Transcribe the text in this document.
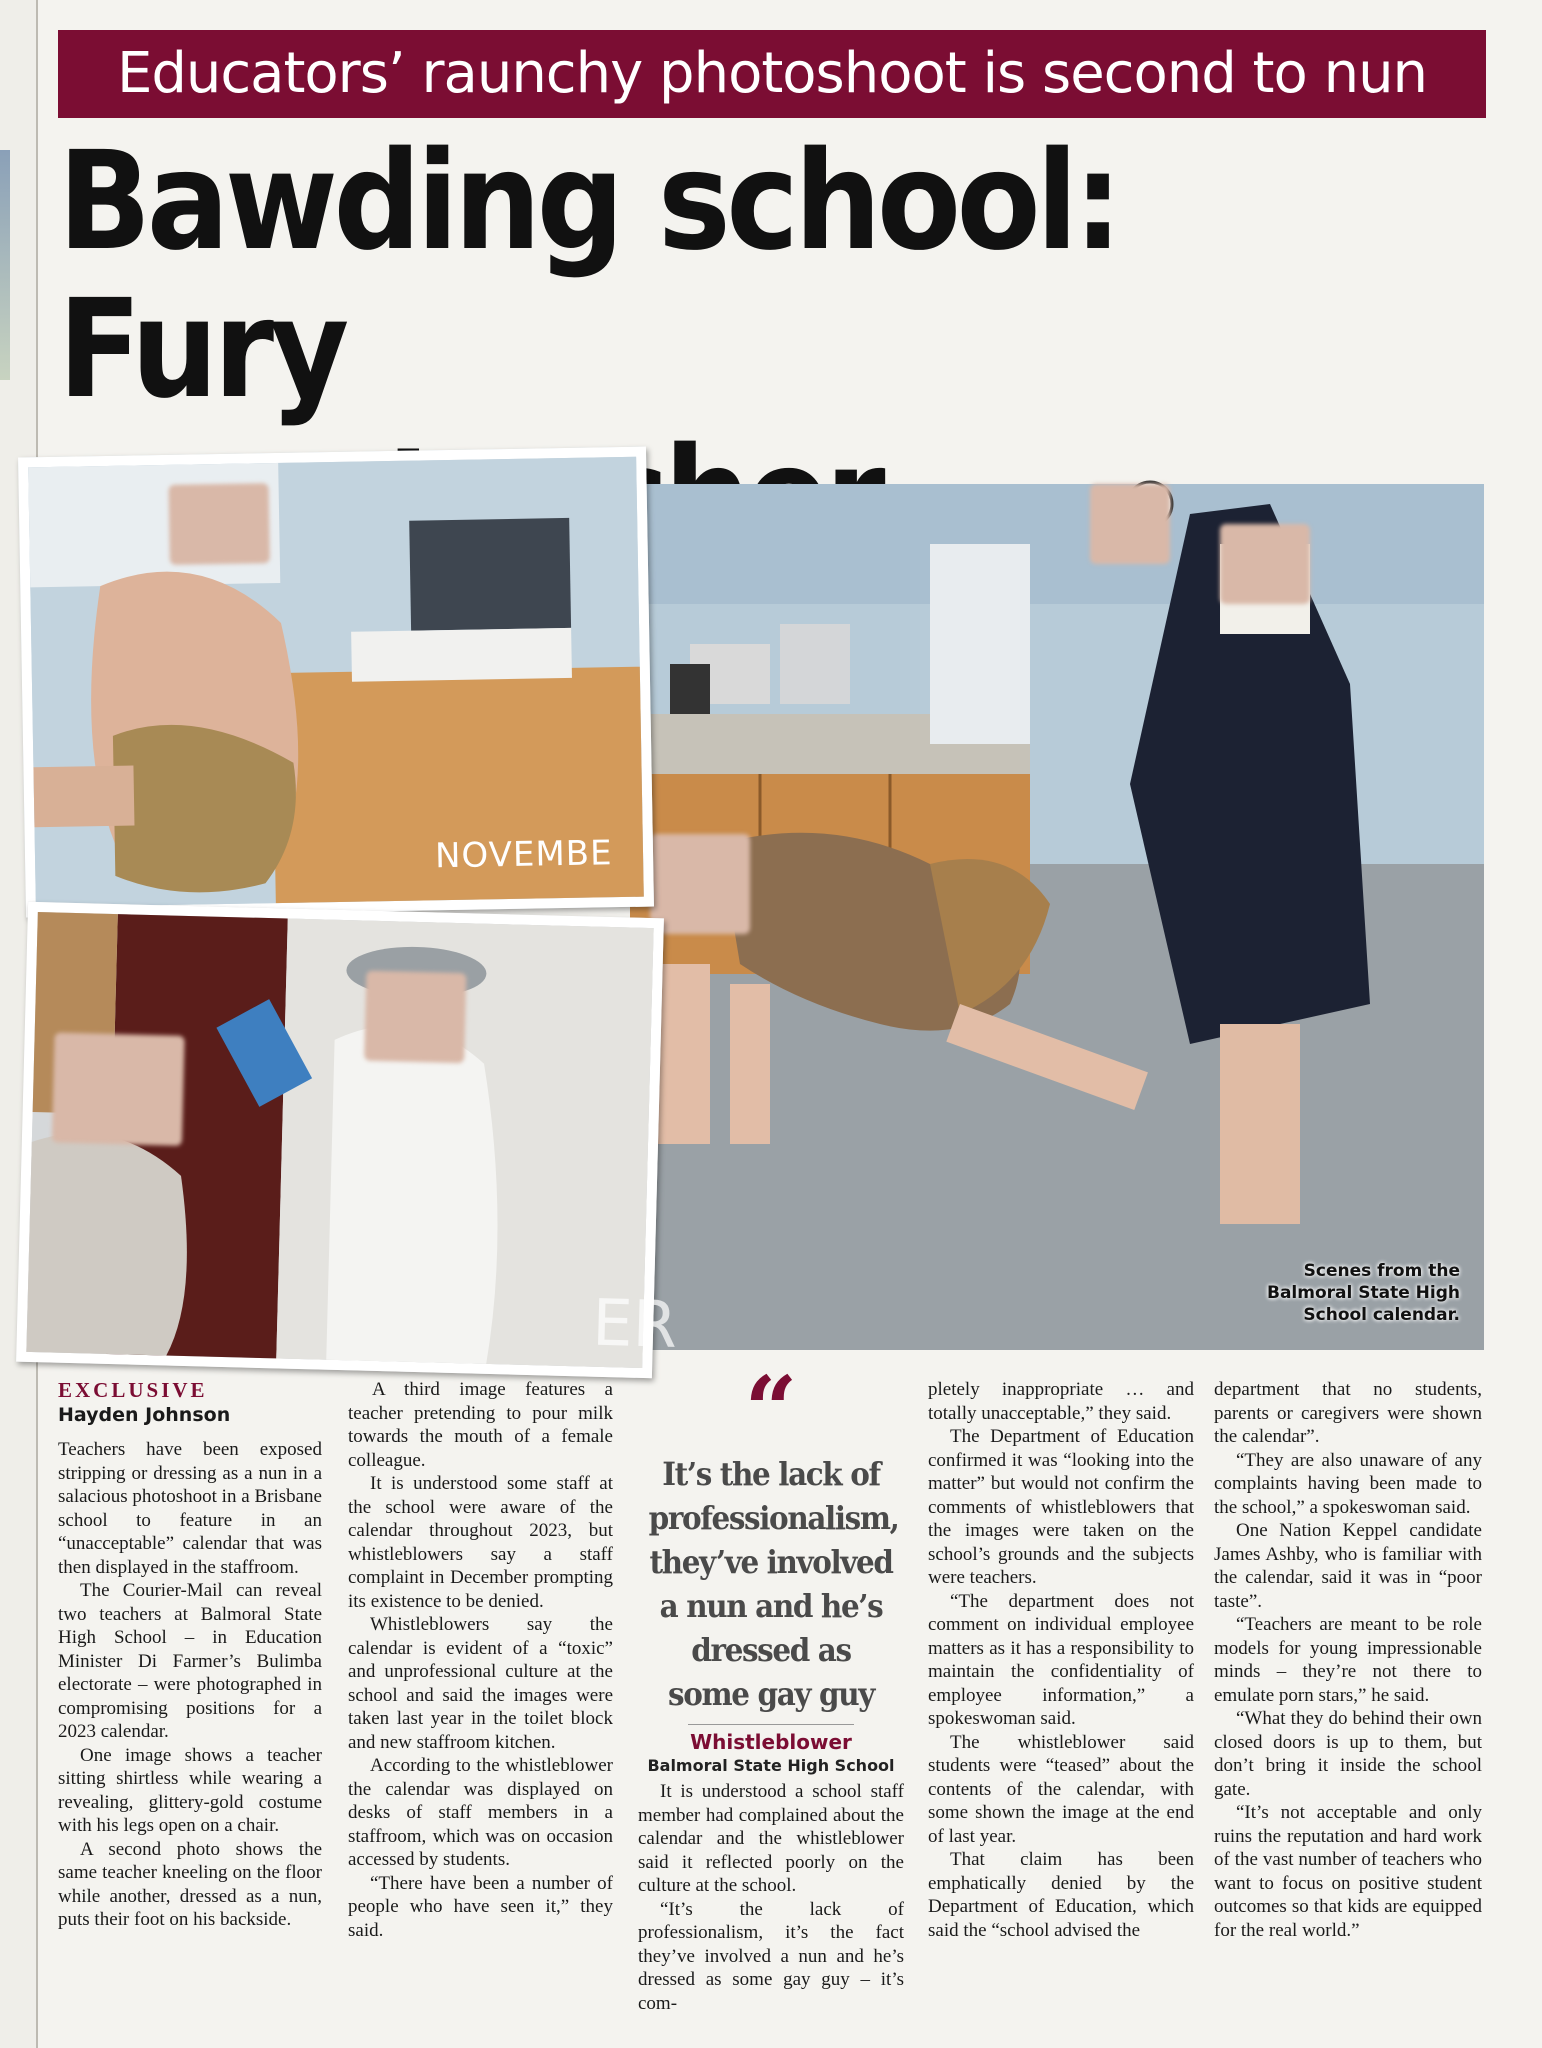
Educators’ raunchy photoshoot is second to nun
Bawding school: Fury

Scenes from the Balmoral State High School calendar.
NOVEMBE
ER
EXCLUSIVE
Hayden Johnson

Teachers have been exposed stripping or dressing as a nun in a salacious photoshoot in a Brisbane school to feature in an “unacceptable” calendar that was then displayed in the staffroom.

The Courier-Mail can reveal two teachers at Balmoral State High School – in Education Minister Di Farmer’s Bulimba electorate – were photographed in compromising positions for a 2023 calendar.

One image shows a teacher sitting shirtless while wearing a revealing, glittery-gold costume with his legs open on a chair.

A second photo shows the same teacher kneeling on the floor while another, dressed as a nun, puts their foot on his backside.

A third image features a teacher pretending to pour milk towards the mouth of a female colleague.

It is understood some staff at the school were aware of the calendar throughout 2023, but whistleblowers say a staff complaint in December prompting its existence to be denied.

Whistleblowers say the calendar is evident of a “toxic” and unprofessional culture at the school and said the images were taken last year in the toilet block and new staffroom kitchen.

According to the whistleblower the calendar was displayed on desks of staff members in a staffroom, which was on occasion accessed by students.

“There have been a number of people who have seen it,” they said.

“
It’s the lack of professionalism, they’ve involved a nun and he’s dressed as some gay guy
Whistleblower
Balmoral State High School

It is understood a school staff member had complained about the calendar and the whistleblower said it reflected poorly on the culture at the school.

“It’s the lack of professionalism, it’s the fact they’ve involved a nun and he’s dressed as some gay guy – it’s com-

pletely inappropriate … and totally unacceptable,” they said.

The Department of Education confirmed it was “looking into the matter” but would not confirm the comments of whistleblowers that the images were taken on the school’s grounds and the subjects were teachers.

“The department does not comment on individual employee matters as it has a responsibility to maintain the confidentiality of employee information,” a spokeswoman said.

The whistleblower said students were “teased” about the contents of the calendar, with some shown the image at the end of last year.

That claim has been emphatically denied by the Department of Education, which said the “school advised the

department that no students, parents or caregivers were shown the calendar”.

“They are also unaware of any complaints having been made to the school,” a spokeswoman said.

One Nation Keppel candidate James Ashby, who is familiar with the calendar, said it was in “poor taste”.

“Teachers are meant to be role models for young impressionable minds – they’re not there to emulate porn stars,” he said.

“What they do behind their own closed doors is up to them, but don’t bring it inside the school gate.

“It’s not acceptable and only ruins the reputation and hard work of the vast number of teachers who want to focus on positive student outcomes so that kids are equipped for the real world.”
